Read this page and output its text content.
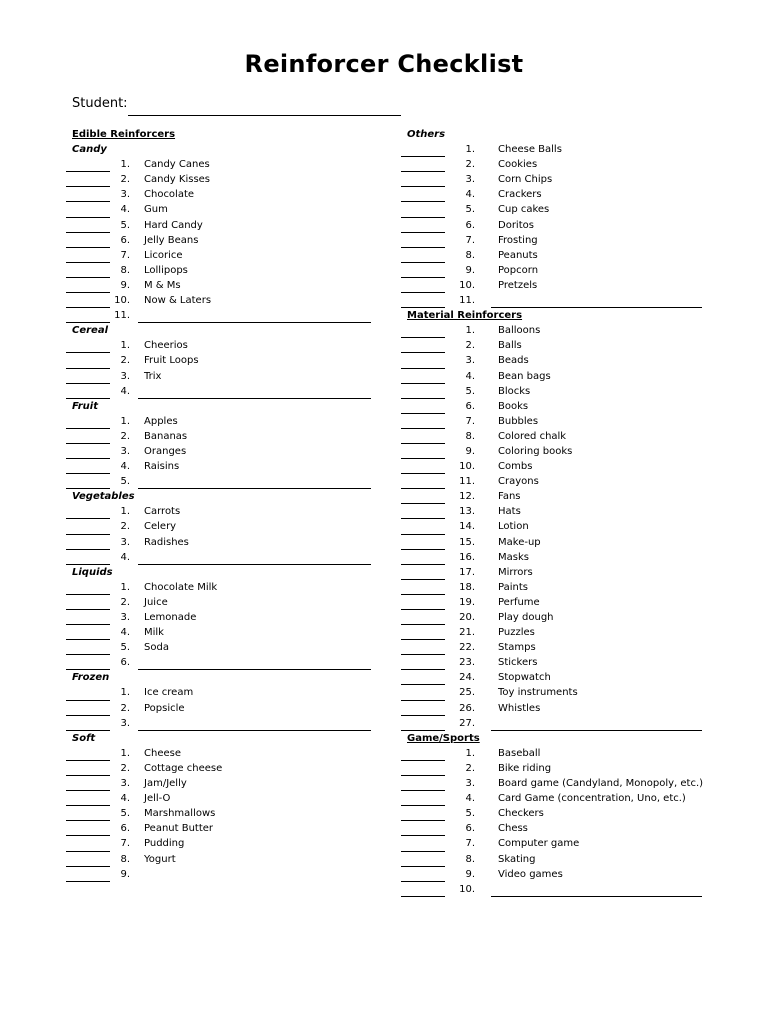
Reinforcer Checklist
Student:
Edible Reinforcers
Candy
1. Candy Canes
2. Candy Kisses
3. Chocolate
4. Gum
5. Hard Candy
6. Jelly Beans
7. Licorice
8. Lollipops
9. M & Ms
10. Now & Laters
11.
Cereal
1. Cheerios
2. Fruit Loops
3. Trix
4.
Fruit
1. Apples
2. Bananas
3. Oranges
4. Raisins
5.
Vegetables
1. Carrots
2. Celery
3. Radishes
4.
Liquids
1. Chocolate Milk
2. Juice
3. Lemonade
4. Milk
5. Soda
6.
Frozen
1. Ice cream
2. Popsicle
3.
Soft
1. Cheese
2. Cottage cheese
3. Jam/Jelly
4. Jell-O
5. Marshmallows
6. Peanut Butter
7. Pudding
8. Yogurt
9.
Others
1. Cheese Balls
2. Cookies
3. Corn Chips
4. Crackers
5. Cup cakes
6. Doritos
7. Frosting
8. Peanuts
9. Popcorn
10. Pretzels
11.
Material Reinforcers
1. Balloons
2. Balls
3. Beads
4. Bean bags
5. Blocks
6. Books
7. Bubbles
8. Colored chalk
9. Coloring books
10. Combs
11. Crayons
12. Fans
13. Hats
14. Lotion
15. Make-up
16. Masks
17. Mirrors
18. Paints
19. Perfume
20. Play dough
21. Puzzles
22. Stamps
23. Stickers
24. Stopwatch
25. Toy instruments
26. Whistles
27.
Game/Sports
1. Baseball
2. Bike riding
3. Board game (Candyland, Monopoly, etc.)
4. Card Game (concentration, Uno, etc.)
5. Checkers
6. Chess
7. Computer game
8. Skating
9. Video games
10.
